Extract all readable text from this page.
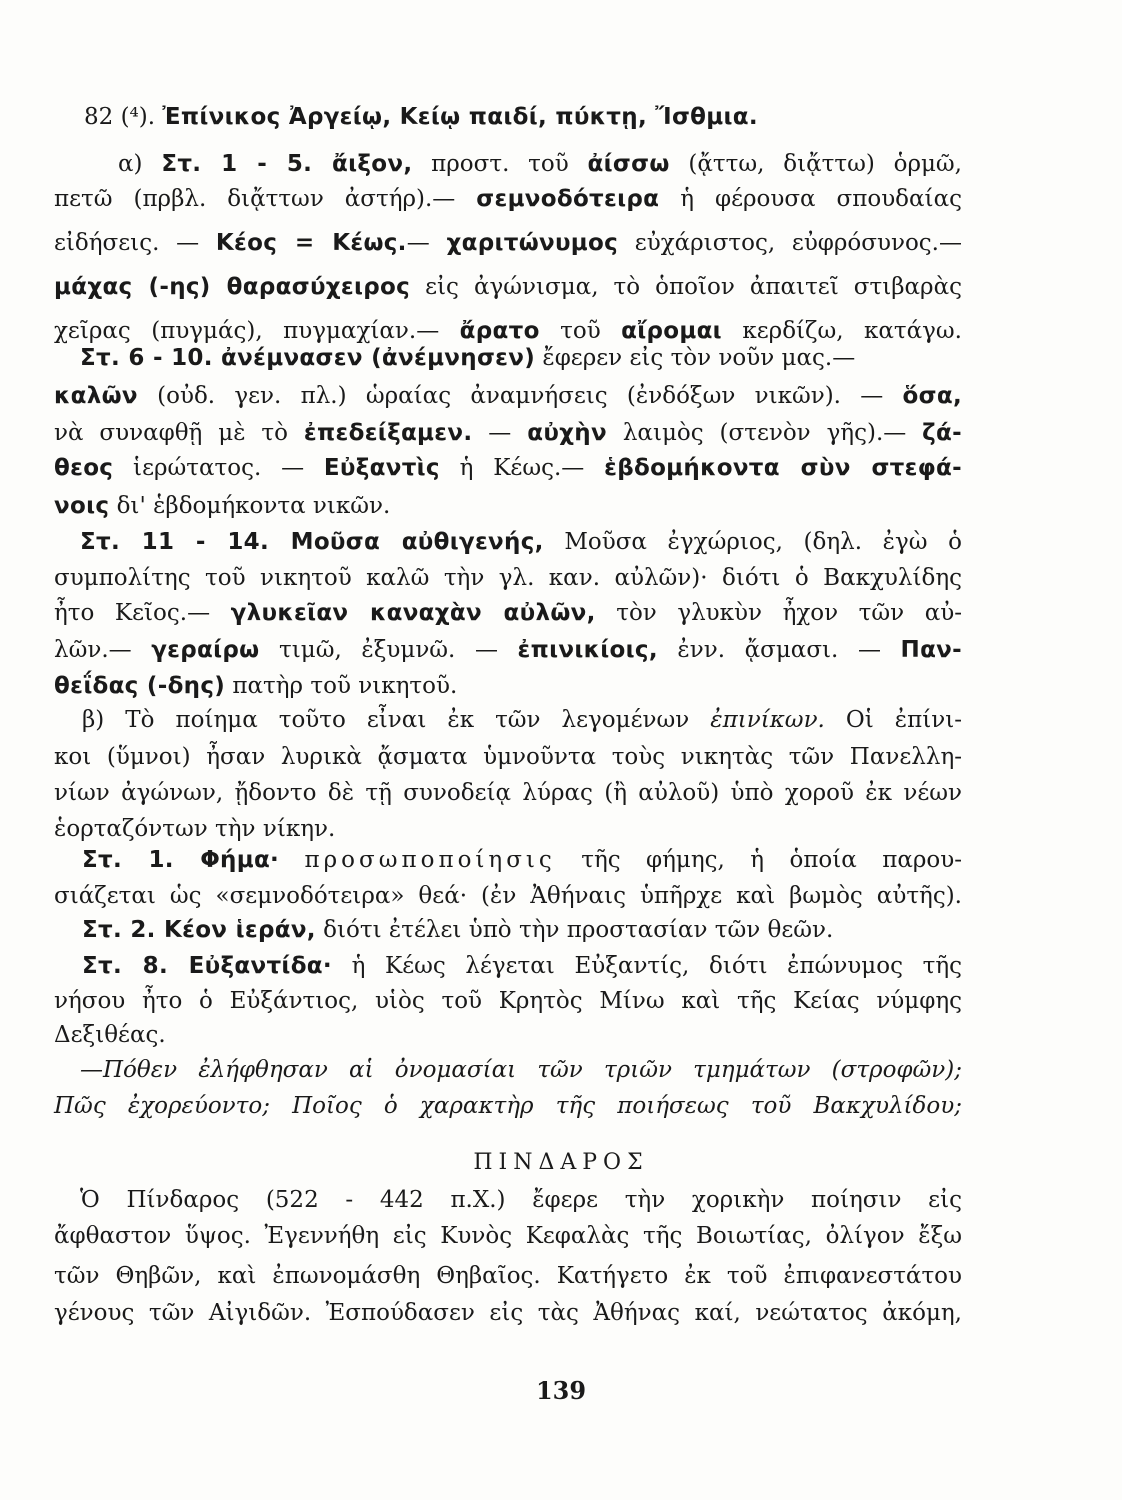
82 (⁴). Ἐπίνικος Ἀργείῳ, Κείῳ παιδί, πύκτῃ, Ἴσθμια.
α) Στ. 1 - 5. ἄιξον, προστ. τοῦ ἀίσσω (ᾄττω, διᾄττω) ὁρμῶ,
πετῶ (πρβλ. διᾄττων ἀστήρ).— σεμνοδότειρα ἡ φέρουσα σπουδαίας
εἰδήσεις. — Κέος = Κέως.— χαριτώνυμος εὐχάριστος, εὐφρόσυνος.—
μάχας (-ης) θαρασύχειρος εἰς ἀγώνισμα, τὸ ὁποῖον ἀπαιτεῖ στιβαρὰς
χεῖρας (πυγμάς), πυγμαχίαν.— ἄρατο τοῦ αἴρομαι κερδίζω, κατάγω.
Στ. 6 - 10. ἀνέμνασεν (ἀνέμνησεν) ἔφερεν εἰς τὸν νοῦν μας.—
καλῶν (οὐδ. γεν. πλ.) ὡραίας ἀναμνήσεις (ἐνδόξων νικῶν). — ὅσα,
νὰ συναφθῇ μὲ τὸ ἐπεδείξαμεν. — αὐχὴν λαιμὸς (στενὸν γῆς).— ζά-
θεος ἱερώτατος. — Εὐξαντὶς ἡ Κέως.— ἑβδομήκοντα σὺν στεφά-
νοις δι' ἑβδομήκοντα νικῶν.
Στ. 11 - 14. Μοῦσα αὐθιγενής, Μοῦσα ἐγχώριος, (δηλ. ἐγὼ ὁ
συμπολίτης τοῦ νικητοῦ καλῶ τὴν γλ. καν. αὐλῶν)· διότι ὁ Βακχυλίδης
ἦτο Κεῖος.— γλυκεῖαν καναχὰν αὐλῶν, τὸν γλυκὺν ἦχον τῶν αὐ-
λῶν.— γεραίρω τιμῶ, ἐξυμνῶ. — ἐπινικίοις, ἐνν. ᾄσμασι. — Παν-
θεΐδας (-δης) πατὴρ τοῦ νικητοῦ.
β) Τὸ ποίημα τοῦτο εἶναι ἐκ τῶν λεγομένων ἐπινίκων. Οἱ ἐπίνι-
κοι (ὕμνοι) ἦσαν λυρικὰ ᾄσματα ὑμνοῦντα τοὺς νικητὰς τῶν Πανελλη-
νίων ἀγώνων, ᾔδοντο δὲ τῇ συνοδείᾳ λύρας (ἢ αὐλοῦ) ὑπὸ χοροῦ ἐκ νέων
ἑορταζόντων τὴν νίκην.
Στ. 1. Φήμα· προσωποποίησις τῆς φήμης, ἡ ὁποία παρου-
σιάζεται ὡς «σεμνοδότειρα» θεά· (ἐν Ἀθήναις ὑπῆρχε καὶ βωμὸς αὐτῆς).
Στ. 2. Κέον ἱεράν, διότι ἐτέλει ὑπὸ τὴν προστασίαν τῶν θεῶν.
Στ. 8. Εὐξαντίδα· ἡ Κέως λέγεται Εὐξαντίς, διότι ἐπώνυμος τῆς
νήσου ἦτο ὁ Εὐξάντιος, υἱὸς τοῦ Κρητὸς Μίνω καὶ τῆς Κείας νύμφης
Δεξιθέας.
—Πόθεν ἐλήφθησαν αἱ ὀνομασίαι τῶν τριῶν τμημάτων (στροφῶν);
Πῶς ἐχορεύοντο; Ποῖος ὁ χαρακτὴρ τῆς ποιήσεως τοῦ Βακχυλίδου;
Ὁ Πίνδαρος (522 - 442 π.Χ.) ἔφερε τὴν χορικὴν ποίησιν εἰς
ἄφθαστον ὕψος. Ἐγεννήθη εἰς Κυνὸς Κεφαλὰς τῆς Βοιωτίας, ὀλίγον ἔξω
τῶν Θηβῶν, καὶ ἐπωνομάσθη Θηβαῖος. Κατήγετο ἐκ τοῦ ἐπιφανεστάτου
γένους τῶν Αἰγιδῶν. Ἐσπούδασεν εἰς τὰς Ἀθήνας καί, νεώτατος ἀκόμη,
ΠΙΝΔΑΡΟΣ
139
